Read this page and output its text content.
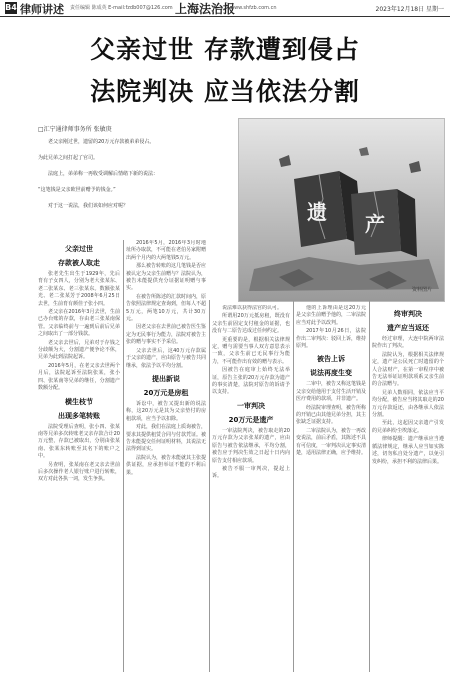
B4 律师讲述 责任编辑 陈成英 E-mail:fzdb007@126.com 上海法治报
www.shfzb.com.cn	2023年12月18日 星期一
父亲过世 存款遭到侵占
法院判决 应当依法分割
□汇宁通律师事务所 张敏庚
老父亲刚过世，遗留的20万元存款被弟弟侵占。
为此兄弟之间打起了官司。
法庭上，弟弟称一再收受调解后情绪下新的说法：
“这笔钱是父亲欧世前赠予的钱金。”
对于这一说法，我们该如何应对呢？	遗 产
资料图片
父亲过世
存款被人取走

张老先生出生于1929年，先后育有子女四人，分别为老大张某东、老二张某东、老三张某东。数额张某光、老二张某芳于2008年6月25日去世，生前育有颜佳子张小四。

老父亲在2016年3月去世，生前已办台账的存款，存由老三张某南保管。父亲临终前与一遍到后前后兄弟之间取出了一部分钱款。

老父亲去世后，兄弟对于存钱之分歧颇为大，分割遗产便争论不休，兄弟为此到法院起诉。

2016年5月，在老父亲去世两个月后，法院起诉至法院张某，张小四、张某南等兄弟的继任，分割遗产数额分配。

横生枝节
出现多笔转账

法院受理后查明，张小四、张某南等兄弟多次转账老父亲存款合计20万元整，存款已被取出，分别由张某南、张某东转账至其名下的账户之中。

另查明，张某南在老父亲去世前后多次操作老人银行账户进行转账，双方对此各执一词，发生争执。

2016年5月，2016年3月时地址所办取款，不可能在老伯另家附赠出两个月内的大两笔钱5万元。

那么被告转账的这几笔钱是否应被认定为父亲生前赠与？法院认为，被告未能提供充分证据证明赠与事实。

在被告所陈述的汇款时间内，原告依照法律规定查询到，但每人不超5万元，两笔10万元，共计30万元。

因老父亲在去世前已被告医生鉴定为无民事行为能力，法院对被告主张的赠与事实不予采信。

父亲去世后，这40万元存款属于父亲的遗产，应由原告与被告共同继承，依法予以平均分割。

提出新说
20万元是房租

诉讼中，被告又提出新的说法称，这20万元是其为父亲垫付的房租款项，应当予以扣除。

对此，我们在法庭上质询被告，要求其提供租赁合同与付款凭证。被告未能提交任何证明材料，其说法无法得到证实。

法院认为，被告未能就其主张提供证据，应承担举证不能的不利后果。

说法难以获得法官的认可。

所谓用20万元抵房租，既没有父亲生前固定支付租金的证据，也没有与二原告达成过任何约定。

更重要的是，根据相关法律规定，赠与需要当事人双方意思表示一致，父亲生前已无民事行为能力，不可能作出有效的赠与表示。

因被告在庭审上始终无法举证，原告主张的20万元存款为遗产的事实清楚，法院对原告的诉请予以支持。

一审判决
20万元是遗产

一审法院判决，被告取走的20万元存款为父亲张某的遗产，应由原告与被告依法继承，平均分割，被告应于判决生效之日起十日内向原告支付相应款项。

被告不服一审判决，提起上诉。

他的上诉理由是这20万元是父亲生前赠予他的，二审法院应当对此予以改判。

2017年10月26日，法院作出二审判决：驳回上诉，维持原判。

被告上诉
说法再度生变

二审中，被告又称这笔钱是父亲交给他用于支付生活开销及医疗费用的款项，并非遗产。

经法院审理查明，被告所称的开销已由其他兄弟分担，其主张缺乏证据支持。

二审法院认为，被告一再改变说法，前后矛盾，其陈述不具有可信度，一审判决认定事实清楚，适用法律正确，应予维持。

终审判决
遗产应当返还

经过审理，大连中院两审法院作出了判决。

法院认为，根据相关法律规定，遗产是公民死亡时遗留的个人合法财产，在第一审程序中被告无法举证证明款项系父亲生前的合法赠与。

兄弟人数相同，依法应当平均分配，被告应当将其取走的20万元存款返还，由各继承人依法分割。

至此，这起因父亲遗产引发的兄弟纠纷尘埃落定。

律师提醒：遗产继承应当遵循法律规定，继承人应当如实陈述，切勿私自处分遗产，以免引发纠纷，承担不利的法律后果。
